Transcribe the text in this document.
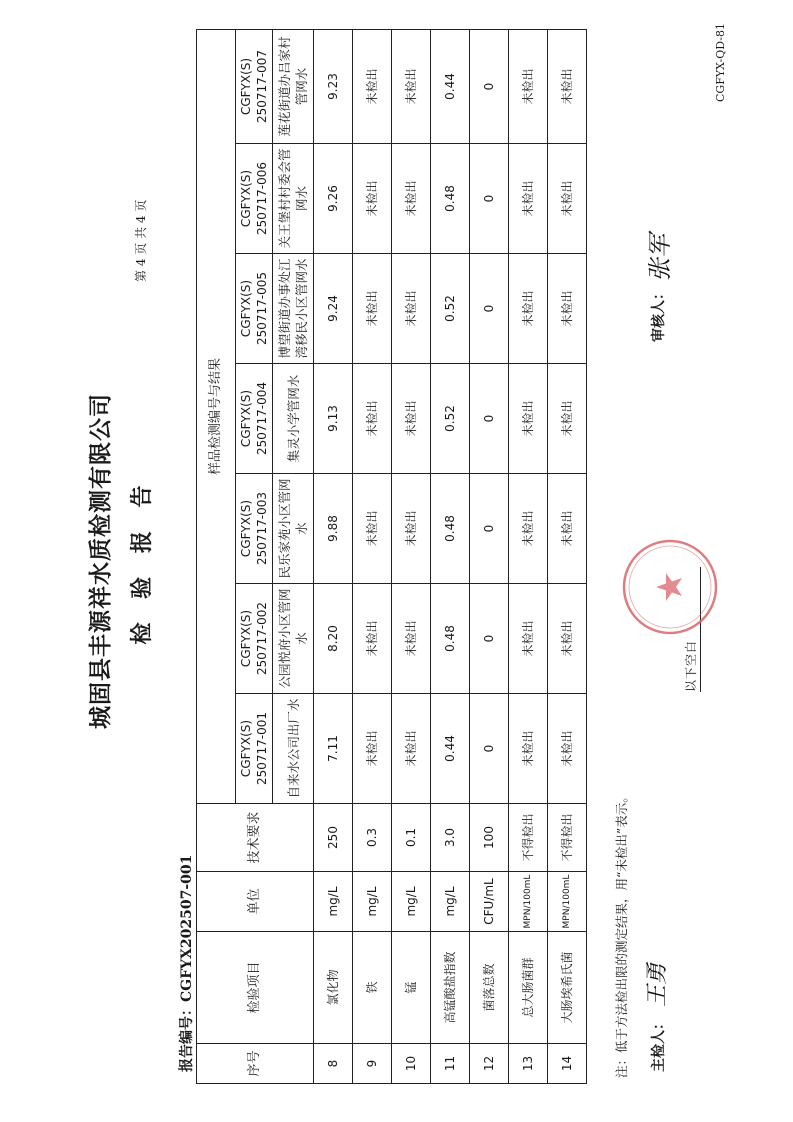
城固县丰源祥水质检测有限公司 检 验 报 告
第 4 页 共 4 页
报告编号：CGFYX202507-001
CGFYX-QD-81
序号	检验项目	单位	技术要求	样品检测编号与结果						
				CGFYX(S) 250717-001	CGFYX(S) 250717-002	CGFYX(S) 250717-003	CGFYX(S) 250717-004	CGFYX(S) 250717-005	CGFYX(S) 250717-006	CGFYX(S) 250717-007
				自来水公司出厂水	公园悦府小区管网水	民乐家苑小区管网水	集灵小学管网水	博望街道办事处江湾移民小区管网水	关王堡村村委会管网水	莲花街道办吕家村管网水
8	氯化物	mg/L	250	7.11	8.20	9.88	9.13	9.24	9.26	9.23
9	铁	mg/L	0.3	未检出	未检出	未检出	未检出	未检出	未检出	未检出
10	锰	mg/L	0.1	未检出	未检出	未检出	未检出	未检出	未检出	未检出
11	高锰酸盐指数	mg/L	3.0	0.44	0.48	0.48	0.52	0.52	0.48	0.44
12	菌落总数	CFU/mL	100	0	0	0	0	0	0	0
13	总大肠菌群	MPN/100mL	不得检出	未检出	未检出	未检出	未检出	未检出	未检出	未检出
14	大肠埃希氏菌	MPN/100mL	不得检出	未检出	未检出	未检出	未检出	未检出	未检出	未检出
注：低于方法检出限的测定结果，用“未检出”表示。 主检人：
王勇
审核人：
张军
以下空白
